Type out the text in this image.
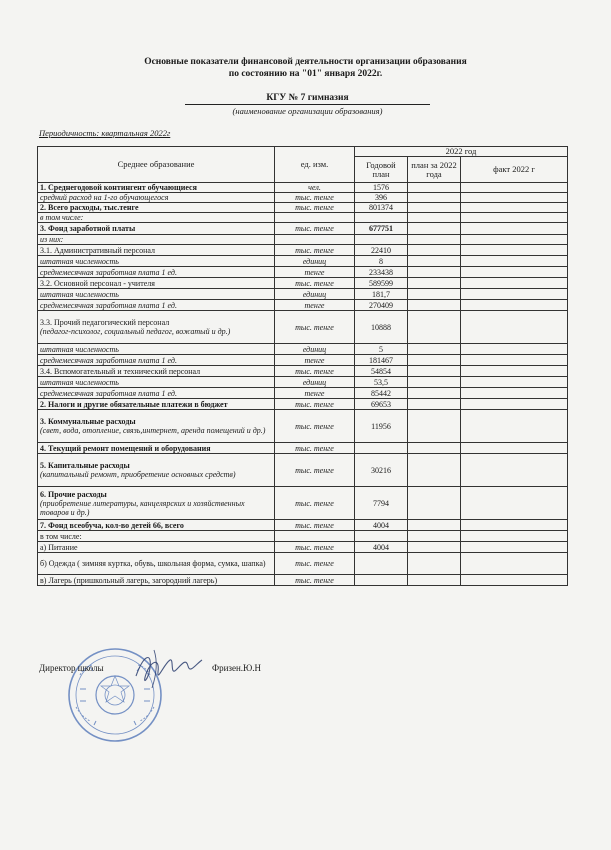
Основные показатели финансовой деятельности организации образования
по состоянию на "01" января 2022г.
КГУ № 7 гимназия
(наименование организации образования)
Периодичность: квартальная 2022г
Среднее образование	ед. изм.	2022 год		
		Годовой план	план за 2022 года	факт 2022 г

1. Среднегодовой контингент обучающиеся	чел.	1576		
средний расход на 1-го обучающегося	тыс. тенге	396		
2. Всего расходы, тыс.тенге	тыс. тенге	801374		
в том числе:				
3. Фонд заработной платы	тыс. тенге	677751		
из них:				
3.1. Административный персонал	тыс. тенге	22410		
штатная численность	единиц	8		
среднемесячная заработная плата 1 ед.	тенге	233438		
3.2. Основной персонал - учителя	тыс. тенге	589599		
штатная численность	единиц	181,7		
среднемесячная заработная плата 1 ед.	тенге	270409		
3.3. Прочий педагогический персонал
(педагог-психолог, социальный педагог, вожатый и др.)	тыс. тенге	10888		
штатная численность	единиц	5		
среднемесячная заработная плата 1 ед.	тенге	181467		
3.4. Вспомогательный и технический персонал	тыс. тенге	54854		
штатная численность	единиц	53,5		
среднемесячная заработная плата 1 ед.	тенге	85442		
2. Налоги и другие обязательные платежи в бюджет	тыс. тенге	69653		
3. Коммунальные расходы
(свет, вода, отопление, связь,интернет, аренда помещений и др.)	тыс. тенге	11956		
4. Текущий ремонт помещений и оборудования	тыс. тенге			
5. Капитальные расходы
(капитальный ремонт, приобретение основных средств)	тыс. тенге	30216		
6. Прочие расходы
(приобретение литературы, канцелярских и хозяйственных товаров и др.)	тыс. тенге	7794		
7. Фонд всеобуча, кол-во детей 66, всего	тыс. тенге	4004		
в том числе:				
а) Питание	тыс. тенге	4004		
б) Одежда ( зимняя куртка, обувь, школьная форма, сумка, шапка)	тыс. тенге			
в) Лагерь (пришкольный лагерь, загородний лагерь)	тыс. тенге			
Директор школы	Фризен.Ю.Н
